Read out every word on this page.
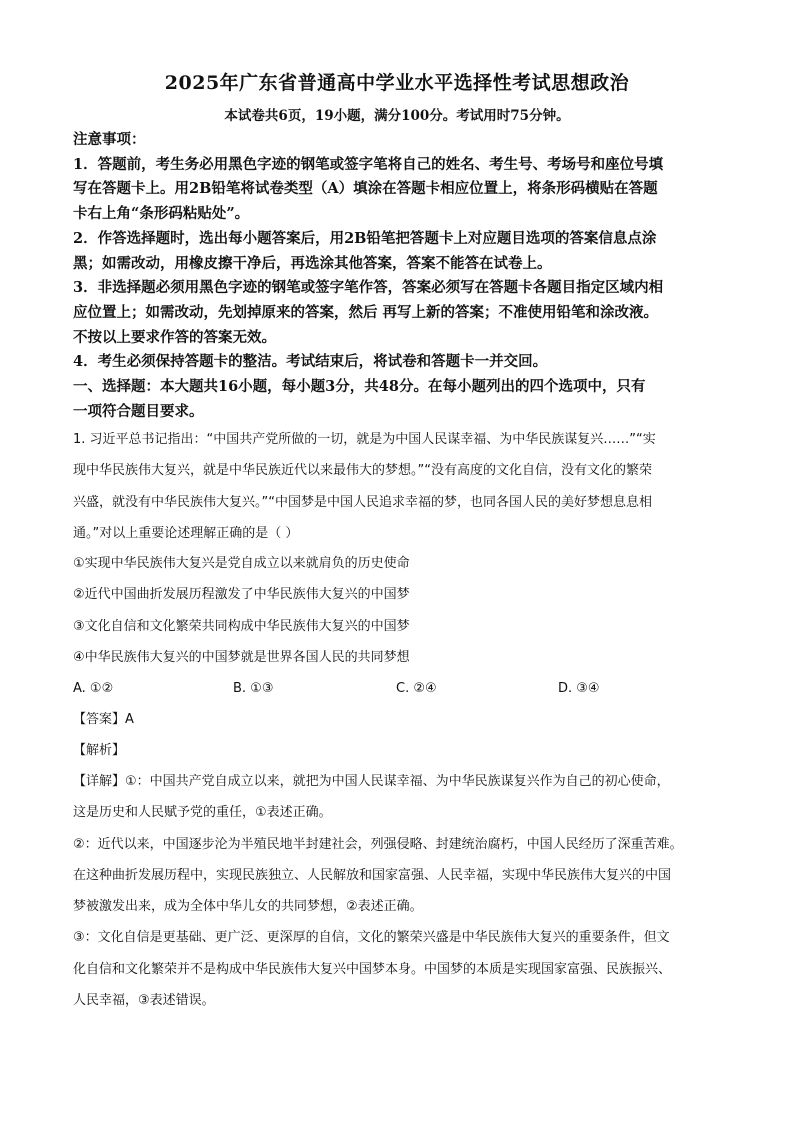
2025年广东省普通高中学业水平选择性考试思想政治
本试卷共6页，19小题，满分100分。考试用时75分钟。

注意事项：

1．答题前，考生务必用黑色字迹的钢笔或签字笔将自己的姓名、考生号、考场号和座位号填

写在答题卡上。用2B铅笔将试卷类型（A）填涂在答题卡相应位置上，将条形码横贴在答题

卡右上角“条形码粘贴处”。

2．作答选择题时，选出每小题答案后，用2B铅笔把答题卡上对应题目选项的答案信息点涂

黑；如需改动，用橡皮擦干净后，再选涂其他答案，答案不能答在试卷上。

3．非选择题必须用黑色字迹的钢笔或签字笔作答，答案必须写在答题卡各题目指定区域内相

应位置上；如需改动，先划掉原来的答案，然后 再写上新的答案；不准使用铅笔和涂改液。

不按以上要求作答的答案无效。

4．考生必须保持答题卡的整洁。考试结束后，将试卷和答题卡一并交回。

一、选择题：本大题共16小题，每小题3分，共48分。在每小题列出的四个选项中，只有

一项符合题目要求。

1. 习近平总书记指出：“中国共产党所做的一切，就是为中国人民谋幸福、为中华民族谋复兴……”“实

现中华民族伟大复兴，就是中华民族近代以来最伟大的梦想。”“没有高度的文化自信，没有文化的繁荣

兴盛，就没有中华民族伟大复兴。”“中国梦是中国人民追求幸福的梦，也同各国人民的美好梦想息息相

通。”对以上重要论述理解正确的是（ ）

①实现中华民族伟大复兴是党自成立以来就肩负的历史使命

②近代中国曲折发展历程激发了中华民族伟大复兴的中国梦

③文化自信和文化繁荣共同构成中华民族伟大复兴的中国梦

④中华民族伟大复兴的中国梦就是世界各国人民的共同梦想

A. ①②	B. ①③	C. ②④	D. ③④

【答案】A

【解析】

【详解】①：中国共产党自成立以来，就把为中国人民谋幸福、为中华民族谋复兴作为自己的初心使命，

这是历史和人民赋予党的重任，①表述正确。

②：近代以来，中国逐步沦为半殖民地半封建社会，列强侵略、封建统治腐朽，中国人民经历了深重苦难。

在这种曲折发展历程中，实现民族独立、人民解放和国家富强、人民幸福，实现中华民族伟大复兴的中国

梦被激发出来，成为全体中华儿女的共同梦想，②表述正确。

③：文化自信是更基础、更广泛、更深厚的自信，文化的繁荣兴盛是中华民族伟大复兴的重要条件，但文

化自信和文化繁荣并不是构成中华民族伟大复兴中国梦本身。中国梦的本质是实现国家富强、民族振兴、

人民幸福，③表述错误。
